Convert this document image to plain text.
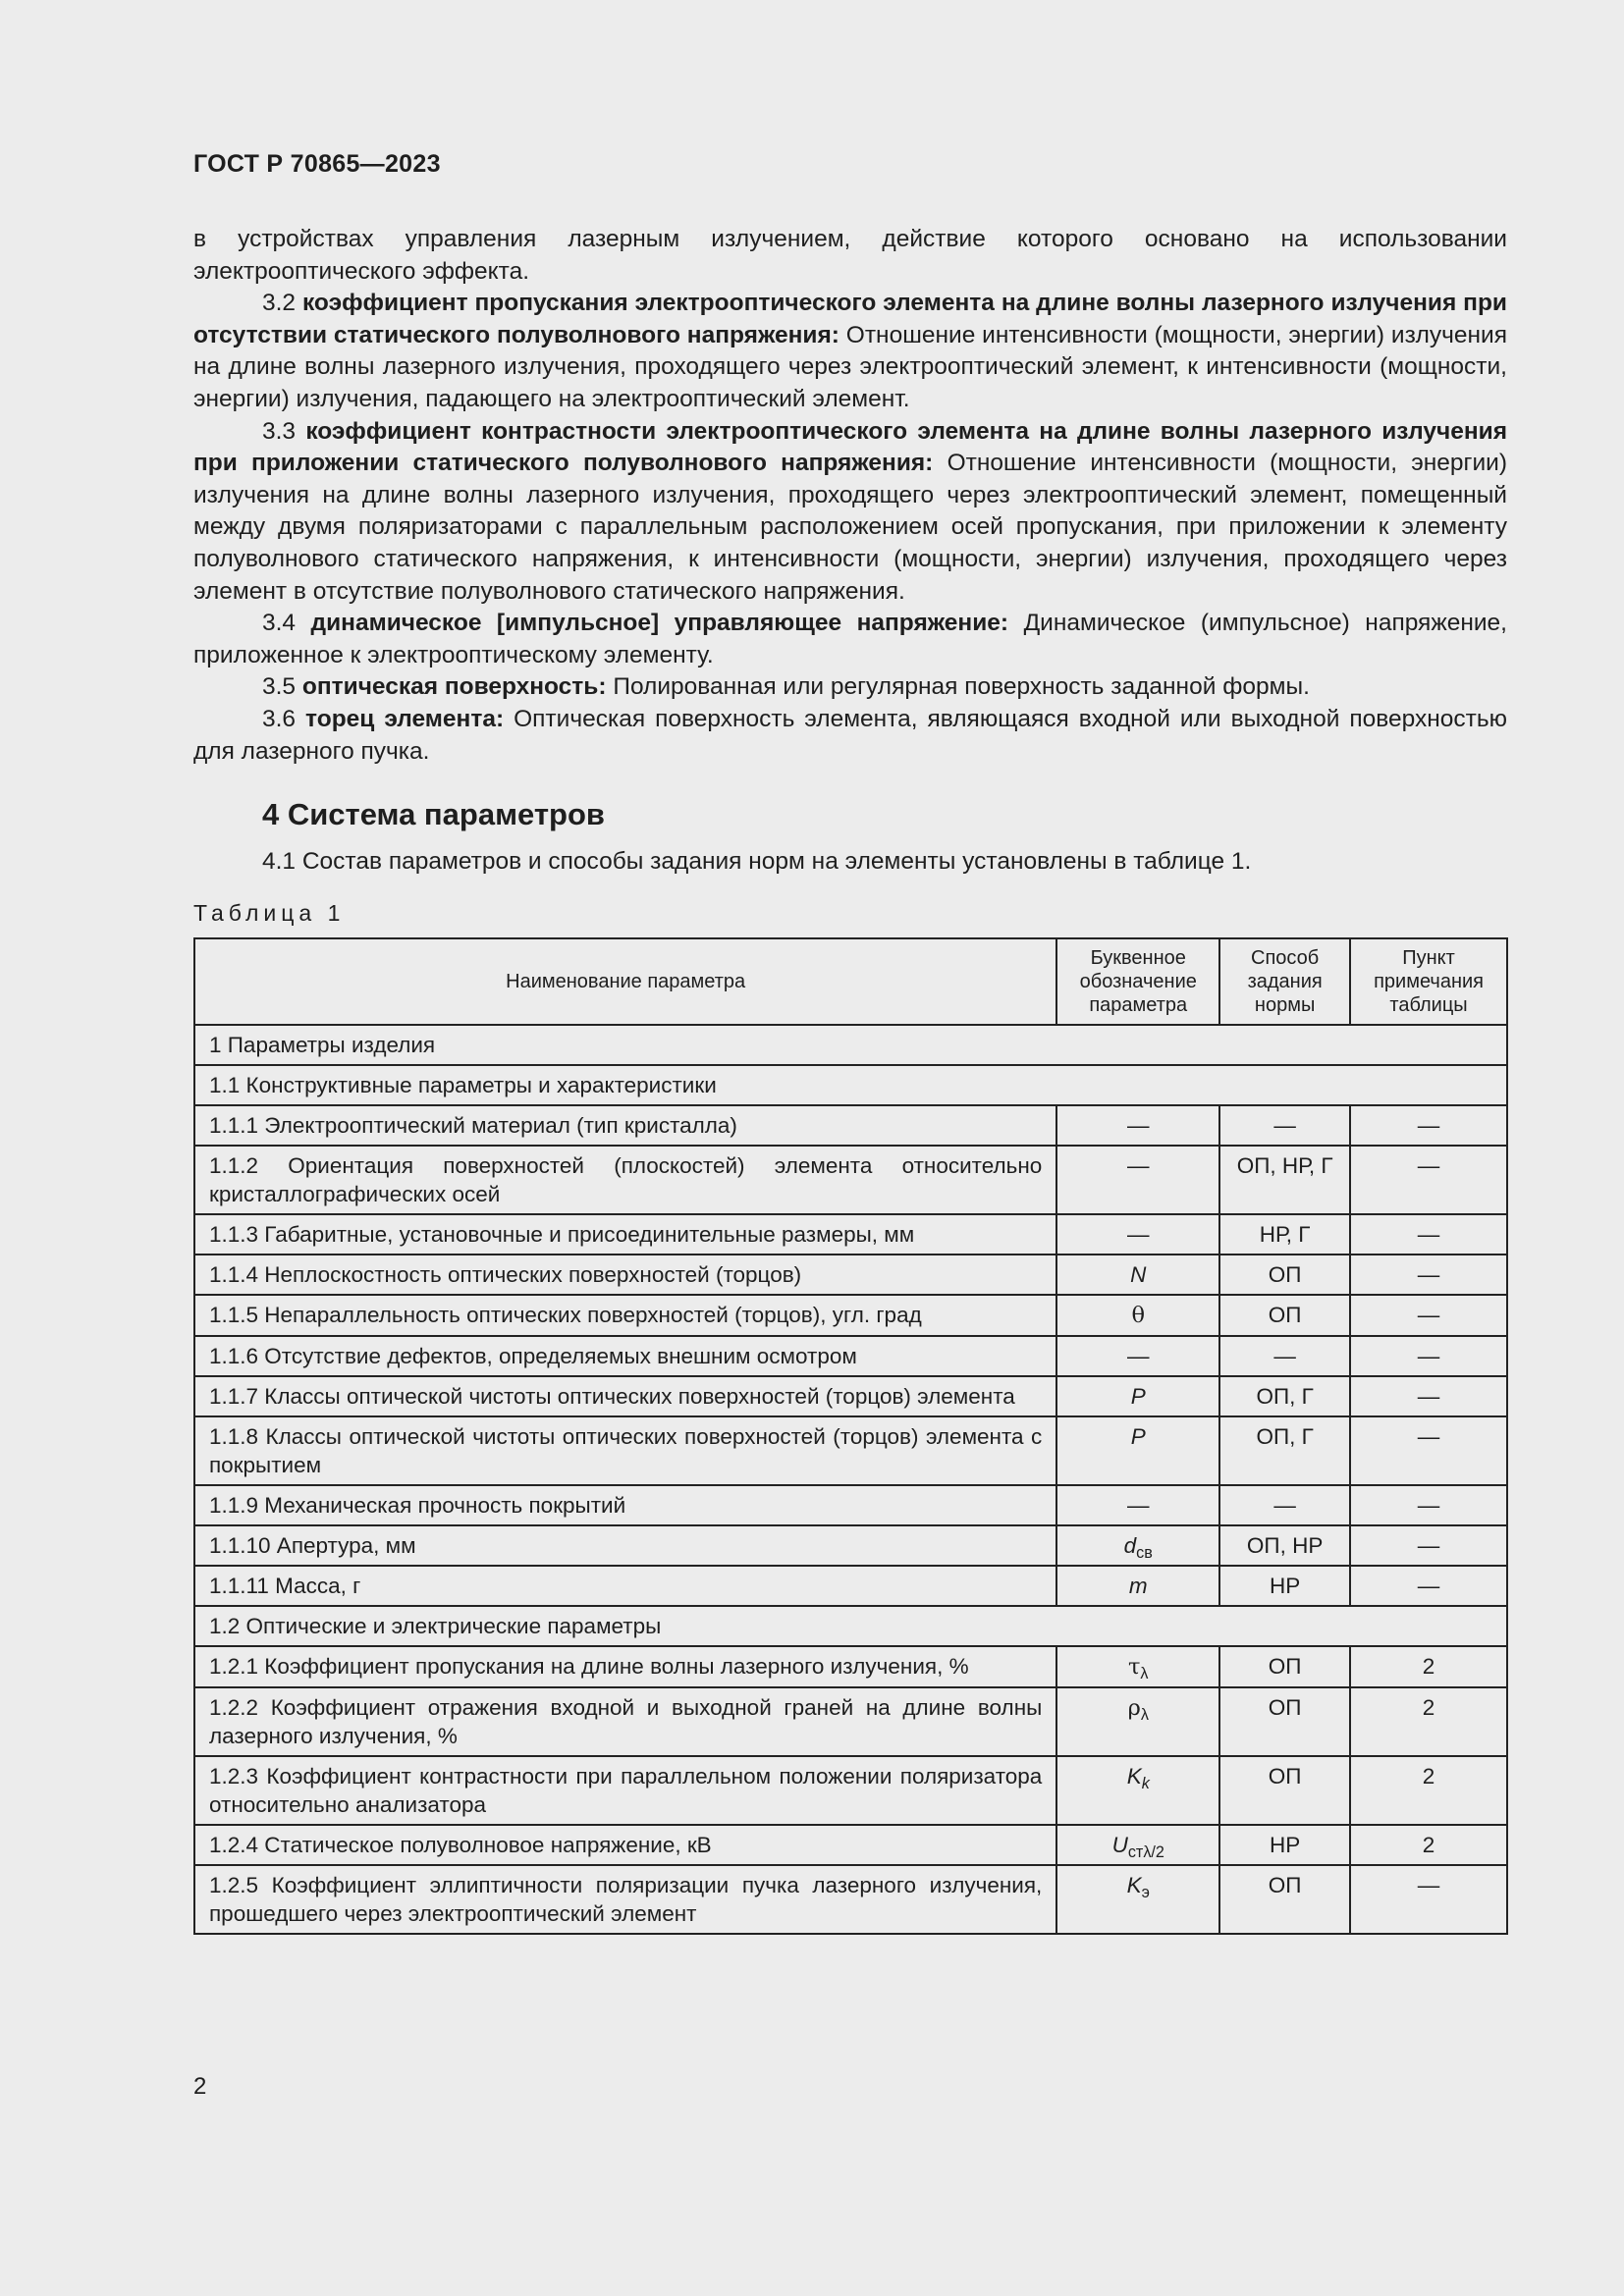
ГОСТ Р 70865—2023

в устройствах управления лазерным излучением, действие которого основано на использовании электрооптического эффекта.

3.2 коэффициент пропускания электрооптического элемента на длине волны лазерного излучения при отсутствии статического полуволнового напряжения: Отношение интенсивности (мощности, энергии) излучения на длине волны лазерного излучения, проходящего через электрооптический элемент, к интенсивности (мощности, энергии) излучения, падающего на электрооптический элемент.

3.3 коэффициент контрастности электрооптического элемента на длине волны лазерного излучения при приложении статического полуволнового напряжения: Отношение интенсивности (мощности, энергии) излучения на длине волны лазерного излучения, проходящего через электрооптический элемент, помещенный между двумя поляризаторами с параллельным расположением осей пропускания, при приложении к элементу полуволнового статического напряжения, к интенсивности (мощности, энергии) излучения, проходящего через элемент в отсутствие полуволнового статического напряжения.

3.4 динамическое [импульсное] управляющее напряжение: Динамическое (импульсное) напряжение, приложенное к электрооптическому элементу.

3.5 оптическая поверхность: Полированная или регулярная поверхность заданной формы.

3.6 торец элемента: Оптическая поверхность элемента, являющаяся входной или выходной поверхностью для лазерного пучка.

4 Система параметров

4.1 Состав параметров и способы задания норм на элементы установлены в таблице 1.

Таблица 1
Наименование параметра	Буквенное обозначение параметра	Способ задания нормы	Пункт примечания таблицы
1 Параметры изделия			
1.1 Конструктивные параметры и характеристики			
1.1.1 Электрооптический материал (тип кристалла)	—	—	—
1.1.2 Ориентация поверхностей (плоскостей) элемента относительно кристаллографических осей	—	ОП, НР, Г	—
1.1.3 Габаритные, установочные и присоединительные размеры, мм	—	НР, Г	—
1.1.4 Неплоскостность оптических поверхностей (торцов)	N	ОП	—
1.1.5 Непараллельность оптических поверхностей (торцов), угл. град	θ	ОП	—
1.1.6 Отсутствие дефектов, определяемых внешним осмотром	—	—	—
1.1.7 Классы оптической чистоты оптических поверхностей (торцов) элемента	P	ОП, Г	—
1.1.8 Классы оптической чистоты оптических поверхностей (торцов) элемента с покрытием	P	ОП, Г	—
1.1.9 Механическая прочность покрытий	—	—	—
1.1.10 Апертура, мм	$d_{св}$	ОП, НР	—
1.1.11 Масса, г	m	НР	—
1.2 Оптические и электрические параметры			
1.2.1 Коэффициент пропускания на длине волны лазерного излучения, %	$\tau_\lambda$	ОП	2
1.2.2 Коэффициент отражения входной и выходной граней на длине волны лазерного излучения, %	$\rho_\lambda$	ОП	2
1.2.3 Коэффициент контрастности при параллельном положении поляризатора относительно анализатора	$K_k$	ОП	2
1.2.4 Статическое полуволновое напряжение, кВ	$U_{ст\lambda/2}$	НР	2
1.2.5 Коэффициент эллиптичности поляризации пучка лазерного излучения, прошедшего через электрооптический элемент	$K_э$	ОП	—
2
